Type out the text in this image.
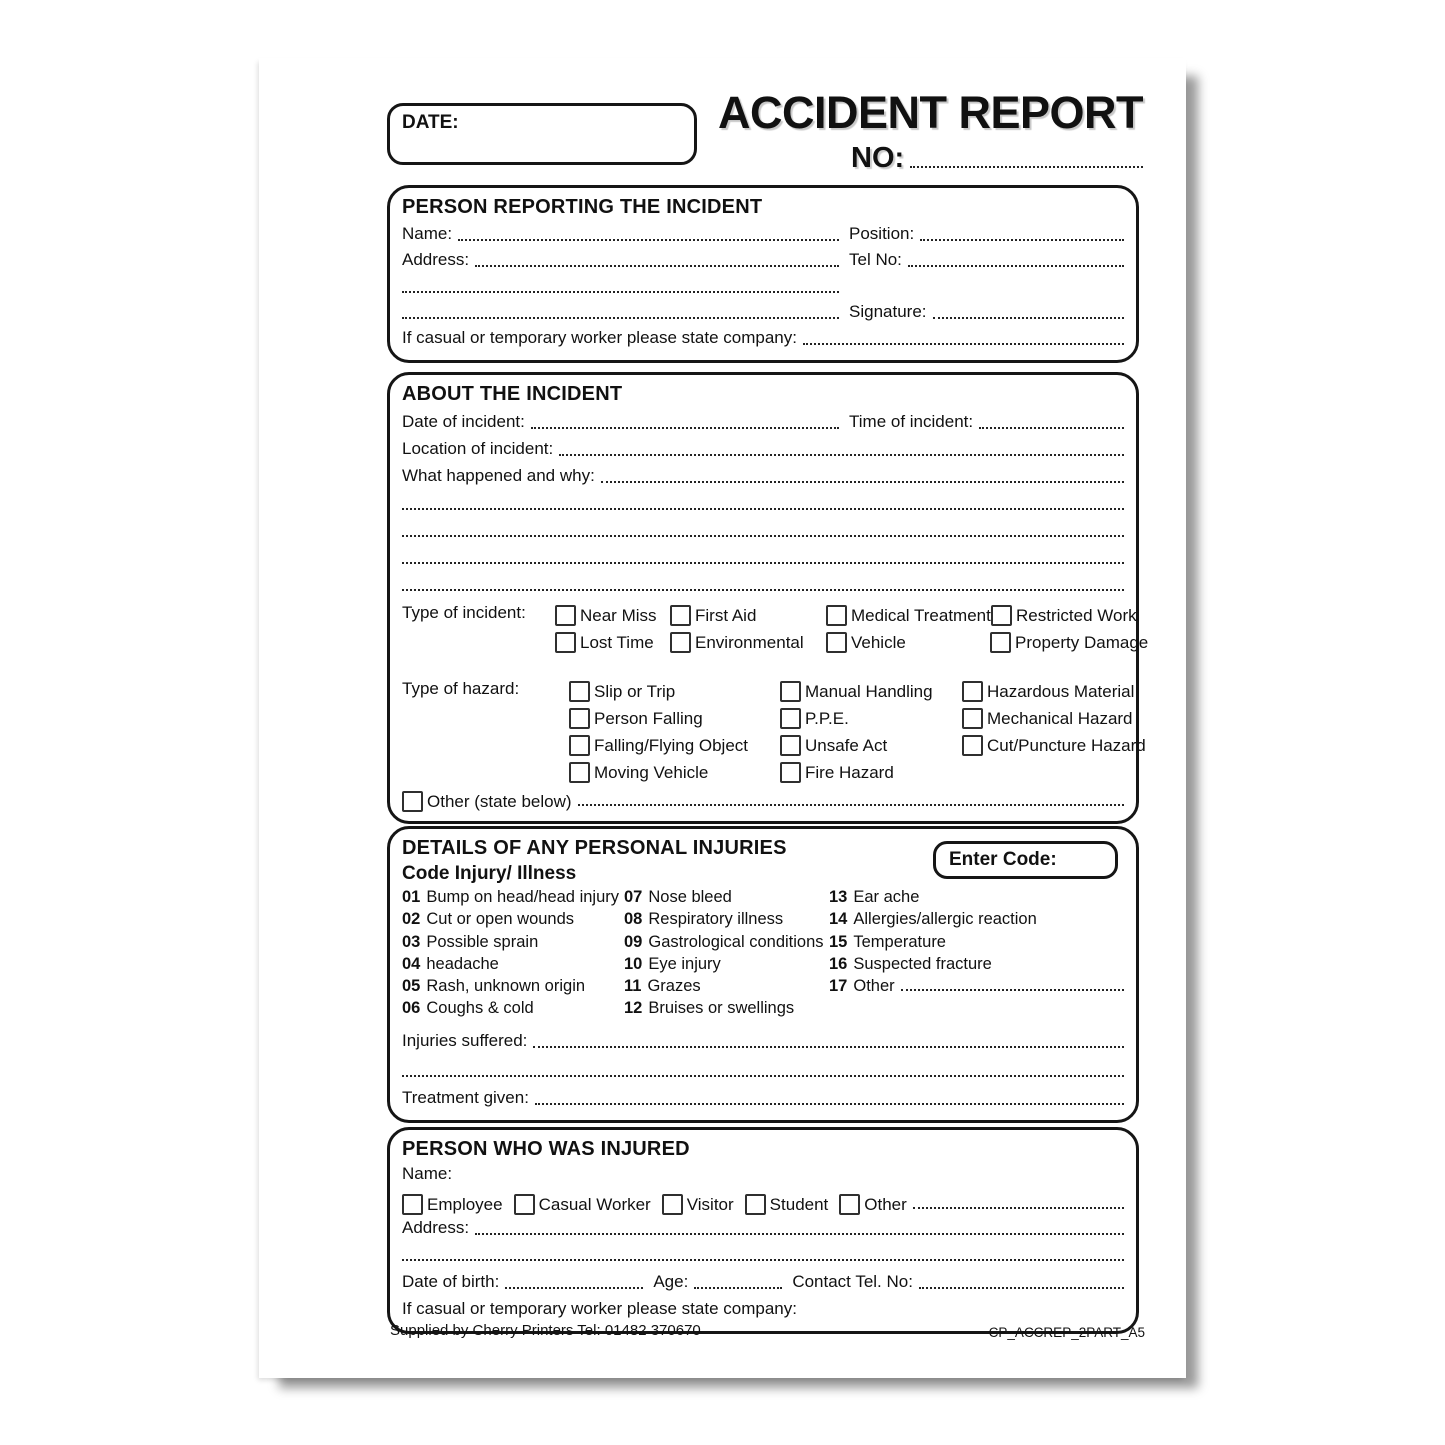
DATE:	ACCIDENT REPORT
NO:
PERSON REPORTING THE INCIDENT
Name:	Position:
Address:	Tel No:
Signature:
If casual or temporary worker please state company:
ABOUT THE INCIDENT
Date of incident:	Time of incident:
Location of incident:
What happened and why:
Type of incident:	Near Miss First Aid	Medical Treatment Restricted Work
Lost Time Environmental	Vehicle	Property Damage
Type of hazard:	Slip or Trip	Manual Handling	Hazardous Material
Person Falling	P.P.E.	Mechanical Hazard
Falling/Flying Object	Unsafe Act	Cut/Puncture Hazard
Moving Vehicle	Fire Hazard
Other (state below)
Enter Code:
DETAILS OF ANY PERSONAL INJURIES
Code Injury/ Illness
01 Bump on head/head injury
02 Cut or open wounds
03 Possible sprain
04 headache
05 Rash, unknown origin
06 Coughs & cold
07 Nose bleed
08 Respiratory illness
09 Gastrological conditions
10 Eye injury
11 Grazes
12 Bruises or swellings
13 Ear ache
14 Allergies/allergic reaction
15 Temperature
16 Suspected fracture
17 Other
Injuries suffered:
Treatment given:
PERSON WHO WAS INJURED
Name:
Employee Casual Worker Visitor Student Other
Address:
Date of birth:	Age:	Contact Tel. No:
If casual or temporary worker please state company:
Supplied by Cherry Printers Tel: 01482 370670	CP_ACCREP_2PART_A5
